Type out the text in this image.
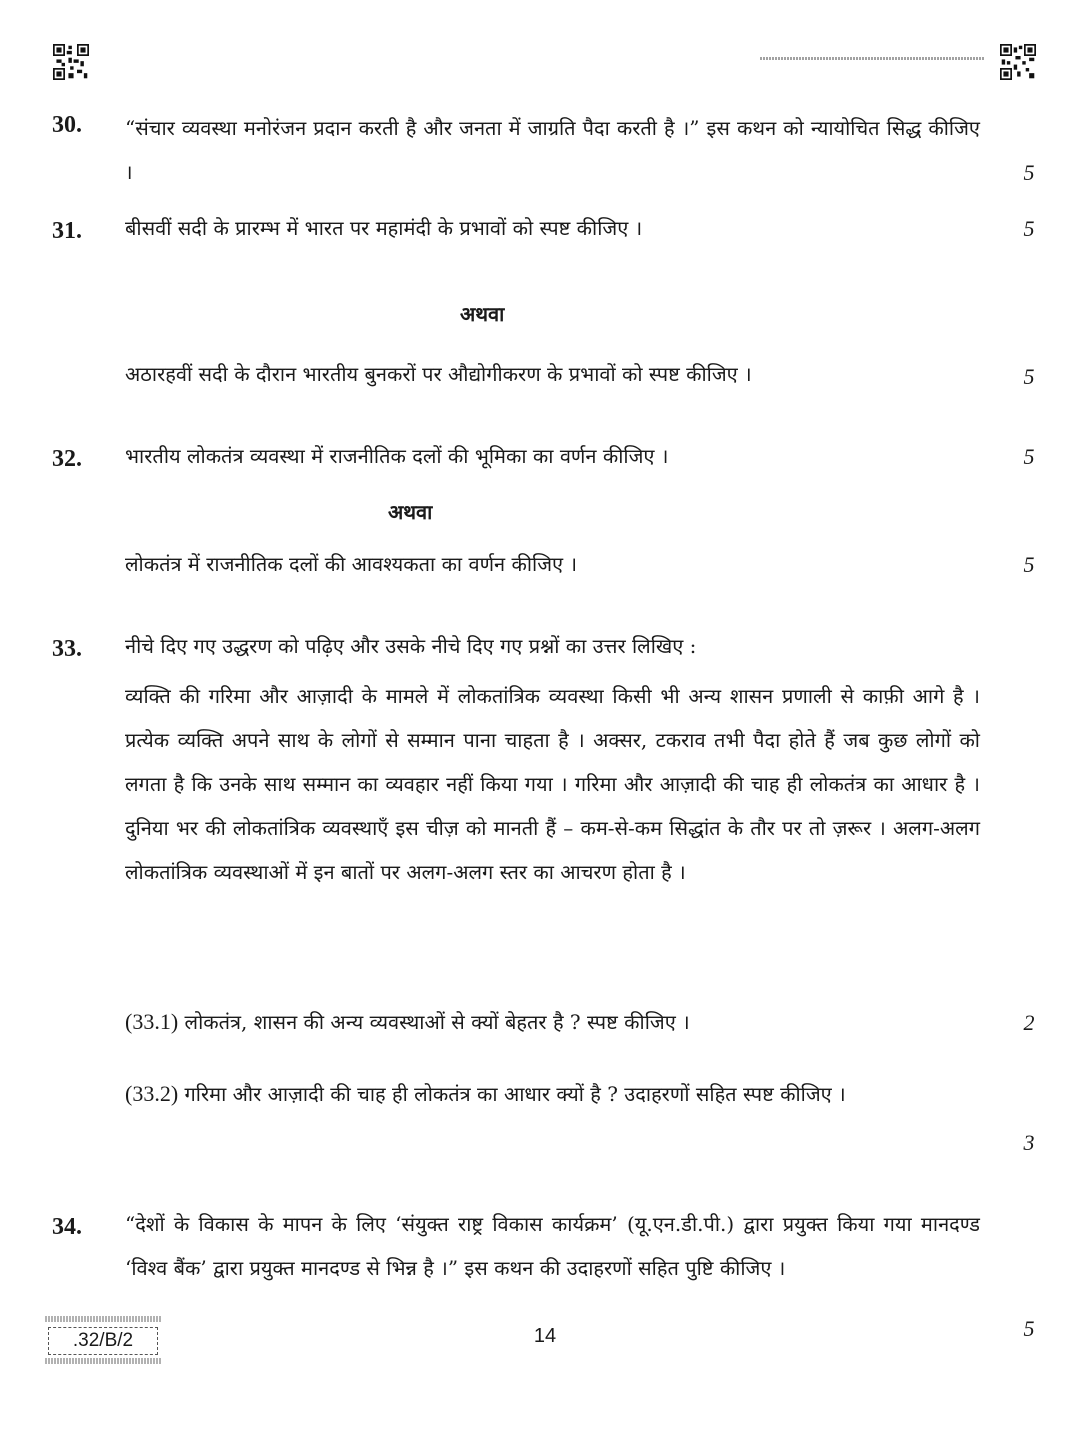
30. “संचार व्यवस्था मनोरंजन प्रदान करती है और जनता में जाग्रति पैदा करती है ।” इस कथन को न्यायोचित सिद्ध कीजिए ।	5
31. बीसवीं सदी के प्रारम्भ में भारत पर महामंदी के प्रभावों को स्पष्ट कीजिए ।	5
अथवा
अठारहवीं सदी के दौरान भारतीय बुनकरों पर औद्योगीकरण के प्रभावों को स्पष्ट कीजिए ।	5
32. भारतीय लोकतंत्र व्यवस्था में राजनीतिक दलों की भूमिका का वर्णन कीजिए ।	5
अथवा
लोकतंत्र में राजनीतिक दलों की आवश्यकता का वर्णन कीजिए ।	5
33. नीचे दिए गए उद्धरण को पढ़िए और उसके नीचे दिए गए प्रश्नों का उत्तर लिखिए :
व्यक्ति की गरिमा और आज़ादी के मामले में लोकतांत्रिक व्यवस्था किसी भी अन्य शासन प्रणाली से काफ़ी आगे है । प्रत्येक व्यक्ति अपने साथ के लोगों से सम्मान पाना चाहता है । अक्सर, टकराव तभी पैदा होते हैं जब कुछ लोगों को लगता है कि उनके साथ सम्मान का व्यवहार नहीं किया गया । गरिमा और आज़ादी की चाह ही लोकतंत्र का आधार है । दुनिया भर की लोकतांत्रिक व्यवस्थाएँ इस चीज़ को मानती हैं – कम-से-कम सिद्धांत के तौर पर तो ज़रूर । अलग-अलग लोकतांत्रिक व्यवस्थाओं में इन बातों पर अलग-अलग स्तर का आचरण होता है ।
(33.1) लोकतंत्र, शासन की अन्य व्यवस्थाओं से क्यों बेहतर है ? स्पष्ट कीजिए ।	2
(33.2) गरिमा और आज़ादी की चाह ही लोकतंत्र का आधार क्यों है ? उदाहरणों सहित स्पष्ट कीजिए ।
3
34. “देशों के विकास के मापन के लिए ‘संयुक्त राष्ट्र विकास कार्यक्रम’ (यू.एन.डी.पी.) द्वारा प्रयुक्त किया गया मानदण्ड ‘विश्व बैंक’ द्वारा प्रयुक्त मानदण्ड से भिन्न है ।” इस कथन की उदाहरणों सहित पुष्टि कीजिए ।
5
.32/B/2	14
